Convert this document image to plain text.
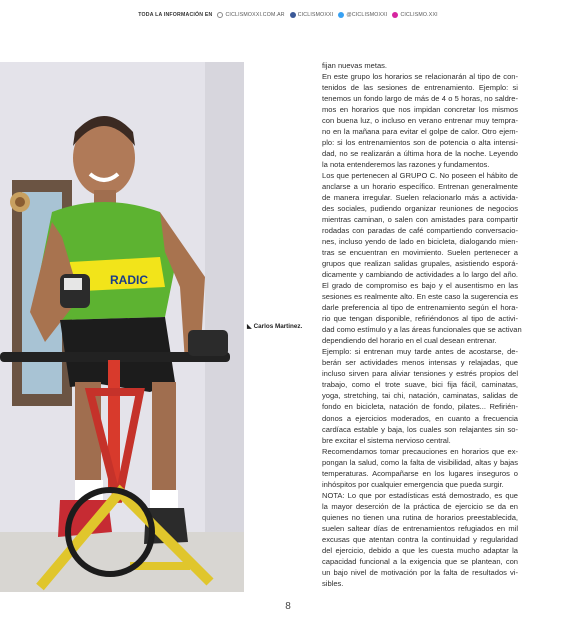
TODA LA INFORMACIÓN EN	CICLISMOXXI.COM.AR	CICLISMOXXI	@CICLISMOXXI	CICLISMO.XXI
RADIC
◣ Carlos Martinez.
fijan nuevas metas.
En este grupo los horarios se relacionarán al tipo de con-
tenidos de las sesiones de entrenamiento. Ejemplo: si
tenemos un fondo largo de más de 4 o 5 horas, no saldre-
mos en horarios que nos impidan concretar los mismos
con buena luz, o incluso en verano entrenar muy tempra-
no en la mañana para evitar el golpe de calor. Otro ejem-
plo: si los entrenamientos son de potencia o alta intensi-
dad, no se realizarán a última hora de la noche. Leyendo
la nota entenderemos las razones y fundamentos.
Los que pertenecen al GRUPO C. No poseen el hábito de
anclarse a un horario específico. Entrenan generalmente
de manera irregular. Suelen relacionarlo más a activida-
des sociales, pudiendo organizar reuniones de negocios
mientras caminan, o salen con amistades para compartir
rodadas con paradas de café compartiendo conversacio-
nes, incluso yendo de lado en bicicleta, dialogando mien-
tras se encuentran en movimiento. Suelen pertenecer a
grupos que realizan salidas grupales, asistiendo esporá-
dicamente y cambiando de actividades a lo largo del año.
El grado de compromiso es bajo y el ausentismo en las
sesiones es realmente alto. En este caso la sugerencia es
darle preferencia al tipo de entrenamiento según el hora-
rio que tengan disponible, refiriéndonos al tipo de activi-
dad como estímulo y a las áreas funcionales que se activan
dependiendo del horario en el cual desean entrenar.
Ejemplo: si entrenan muy tarde antes de acostarse, de-
berán ser actividades menos intensas y relajadas, que
incluso sirven para aliviar tensiones y estrés propios del
trabajo, como el trote suave, bici fija fácil, caminatas,
yoga, stretching, tai chi, natación, caminatas, salidas de
fondo en bicicleta, natación de fondo, pilates... Refirién-
donos a ejercicios moderados, en cuanto a frecuencia
cardíaca estable y baja, los cuales son relajantes sin so-
bre excitar el sistema nervioso central.
Recomendamos tomar precauciones en horarios que ex-
pongan la salud, como la falta de visibilidad, altas y bajas
temperaturas. Acompañarse en los lugares inseguros o
inhóspitos por cualquier emergencia que pueda surgir.
NOTA: Lo que por estadísticas está demostrado, es que
la mayor deserción de la práctica de ejercicio se da en
quienes no tienen una rutina de horarios preestablecida,
suelen saltear días de entrenamientos refugiados en mil
excusas que atentan contra la continuidad y regularidad
del ejercicio, debido a que les cuesta mucho adaptar la
capacidad funcional a la exigencia que se plantean, con
un bajo nivel de motivación por la falta de resultados vi-
sibles.
8
